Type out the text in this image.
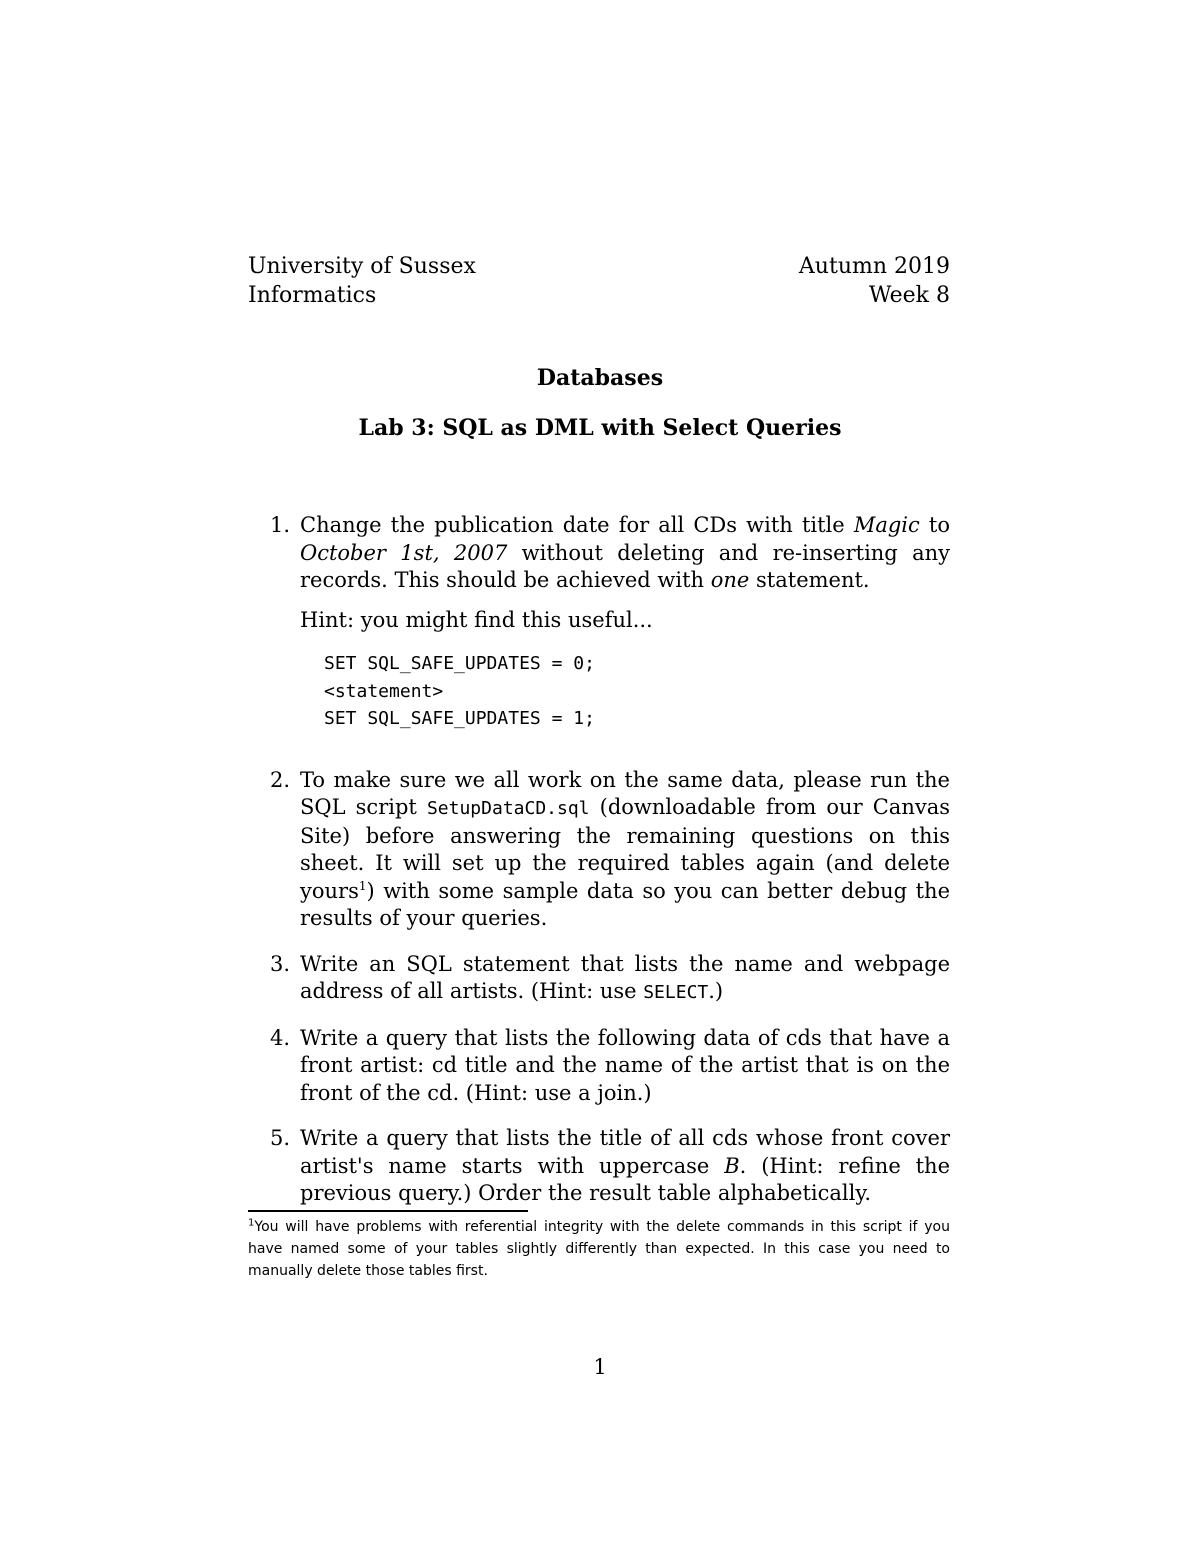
University of Sussex
Informatics
Autumn 2019
Week 8
Databases
Lab 3: SQL as DML with Select Queries
1. Change the publication date for all CDs with title Magic to October 1st, 2007 without deleting and re-inserting any records. This should be achieved with one statement.

Hint: you might find this useful...

SET SQL_SAFE_UPDATES = 0;
<statement>
SET SQL_SAFE_UPDATES = 1;
2. To make sure we all work on the same data, please run the SQL script SetupDataCD.sql (downloadable from our Canvas Site) before answering the remaining questions on this sheet. It will set up the required tables again (and delete yours$^1$) with some sample data so you can better debug the results of your queries.

3. Write an SQL statement that lists the name and webpage address of all artists. (Hint: use SELECT.)

4. Write a query that lists the following data of cds that have a front artist: cd title and the name of the artist that is on the front of the cd. (Hint: use a join.)

5. Write a query that lists the title of all cds whose front cover artist's name starts with uppercase B. (Hint: refine the previous query.) Order the result table alphabetically.

$^1$You will have problems with referential integrity with the delete commands in this script if you have named some of your tables slightly differently than expected. In this case you need to manually delete those tables first.
1
